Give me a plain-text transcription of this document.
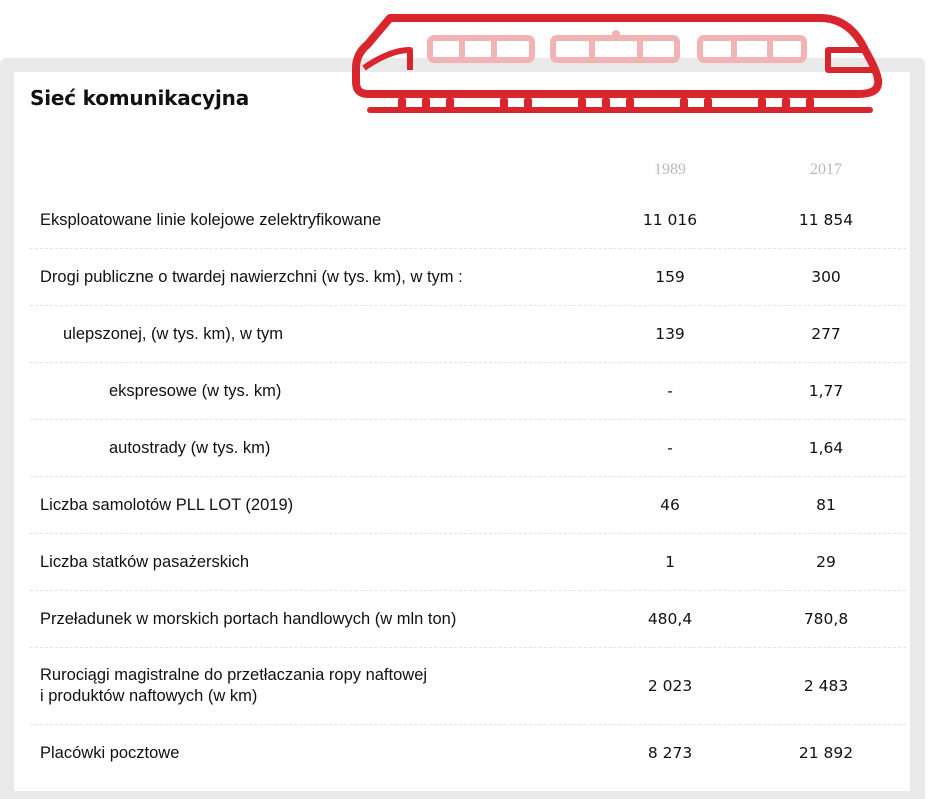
Sieć komunikacyjna
1989	2017
Eksploatowane linie kolejowe zelektryfikowane	11 016	11 854
Drogi publiczne o twardej nawierzchni (w tys. km), w tym :	159	300
ulepszonej, (w tys. km), w tym	139	277
ekspresowe (w tys. km)	-	1,77
autostrady (w tys. km)	-	1,64
Liczba samolotów PLL LOT (2019)	46	81
Liczba statków pasażerskich	1	29
Przeładunek w morskich portach handlowych (w mln ton)	480,4	780,8
Rurociągi magistralne do przetłaczania ropy naftowej
i produktów naftowych (w km)
2 023	2 483
Placówki pocztowe	8 273	21 892
